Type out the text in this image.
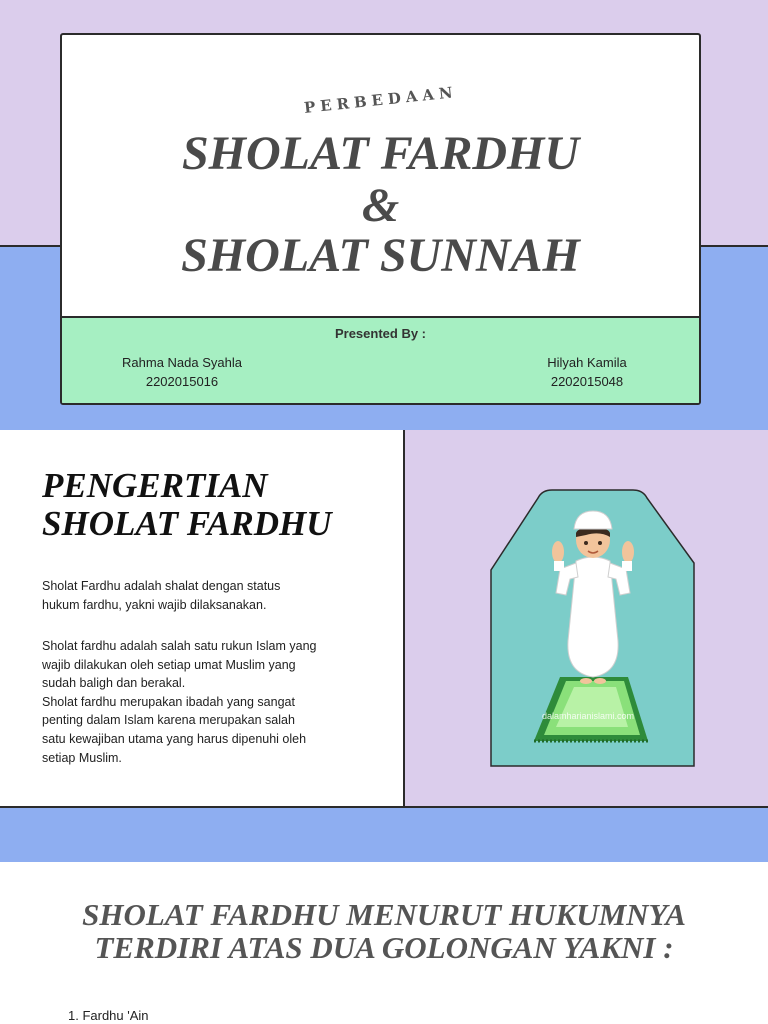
PERBEDAAN
SHOLAT FARDHU
&
SHOLAT SUNNAH
Presented By :
Rahma Nada Syahla
2202015016
Hilyah Kamila
2202015048
PENGERTIAN
SHOLAT FARDHU
Sholat Fardhu adalah shalat dengan status hukum fardhu, yakni wajib dilaksanakan.
Sholat fardhu adalah salah satu rukun Islam yang wajib dilakukan oleh setiap umat Muslim yang sudah baligh dan berakal.
Sholat fardhu merupakan ibadah yang sangat penting dalam Islam karena merupakan salah satu kewajiban utama yang harus dipenuhi oleh setiap Muslim.
dalamharianislami.com
SHOLAT FARDHU MENURUT HUKUMNYA
TERDIRI ATAS DUA GOLONGAN YAKNI :
1. Fardhu 'Ain
